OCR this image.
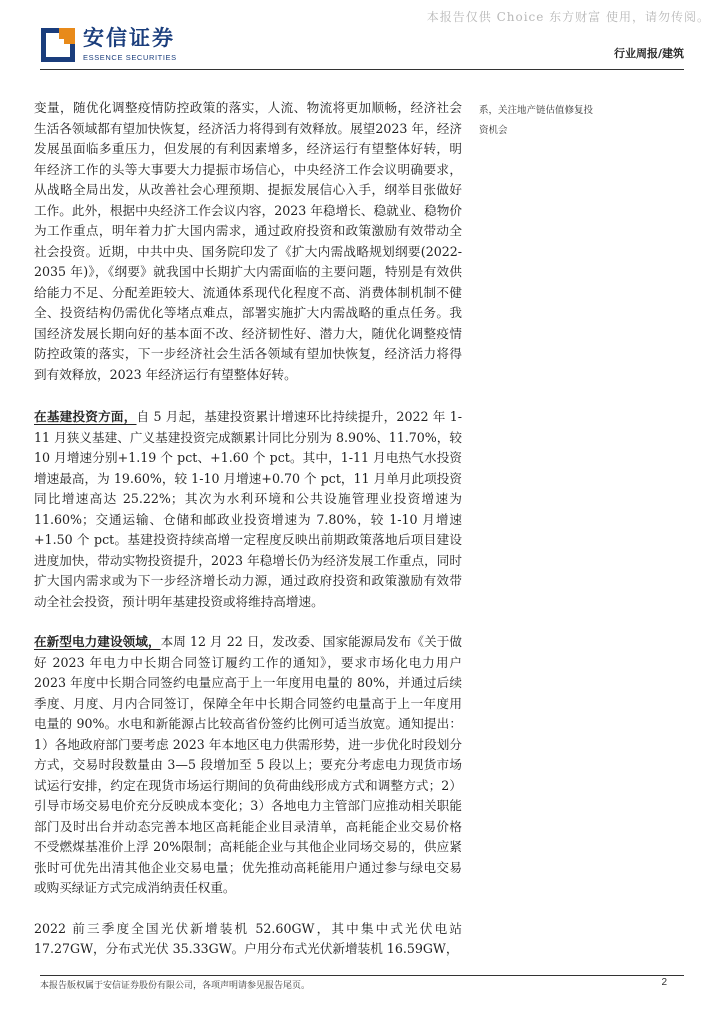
本报告仅供 Choice 东方财富 使用，请勿传阅。
安信证券
ESSENCE SECURITIES	行业周报/建筑
系，关注地产链估值修复投
资机会

变量，随优化调整疫情防控政策的落实，人流、物流将更加顺畅，经济社会生活各领域都有望加快恢复，经济活力将得到有效释放。展望2023 年，经济发展虽面临多重压力，但发展的有利因素增多，经济运行有望整体好转，明年经济工作的头等大事要大力提振市场信心，中央经济工作会议明确要求，从战略全局出发，从改善社会心理预期、提振发展信心入手，纲举目张做好工作。此外，根据中央经济工作会议内容，2023 年稳增长、稳就业、稳物价为工作重点，明年着力扩大国内需求，通过政府投资和政策激励有效带动全社会投资。近期，中共中央、国务院印发了《扩大内需战略规划纲要(2022-2035 年)》，《纲要》就我国中长期扩大内需面临的主要问题，特别是有效供给能力不足、分配差距较大、流通体系现代化程度不高、消费体制机制不健全、投资结构仍需优化等堵点难点，部署实施扩大内需战略的重点任务。我国经济发展长期向好的基本面不改、经济韧性好、潜力大，随优化调整疫情防控政策的落实，下一步经济社会生活各领域有望加快恢复，经济活力将得到有效释放，2023 年经济运行有望整体好转。

在基建投资方面，自 5 月起，基建投资累计增速环比持续提升，2022 年 1-11 月狭义基建、广义基建投资完成额累计同比分别为 8.90%、11.70%，较 10 月增速分别+1.19 个 pct、+1.60 个 pct。其中，1-11 月电热气水投资增速最高，为 19.60%，较 1-10 月增速+0.70 个 pct，11 月单月此项投资同比增速高达 25.22%；其次为水利环境和公共设施管理业投资增速为 11.60%；交通运输、仓储和邮政业投资增速为 7.80%，较 1-10 月增速+1.50 个 pct。基建投资持续高增一定程度反映出前期政策落地后项目建设进度加快，带动实物投资提升，2023 年稳增长仍为经济发展工作重点，同时扩大国内需求或为下一步经济增长动力源，通过政府投资和政策激励有效带动全社会投资，预计明年基建投资或将维持高增速。

在新型电力建设领域，本周 12 月 22 日，发改委、国家能源局发布《关于做好 2023 年电力中长期合同签订履约工作的通知》，要求市场化电力用户 2023 年度中长期合同签约电量应高于上一年度用电量的 80%，并通过后续季度、月度、月内合同签订，保障全年中长期合同签约电量高于上一年度用电量的 90%。水电和新能源占比较高省份签约比例可适当放宽。通知提出：1）各地政府部门要考虑 2023 年本地区电力供需形势，进一步优化时段划分方式，交易时段数量由 3—5 段增加至 5 段以上；要充分考虑电力现货市场试运行安排，约定在现货市场运行期间的负荷曲线形成方式和调整方式；2）引导市场交易电价充分反映成本变化；3）各地电力主管部门应推动相关职能部门及时出台并动态完善本地区高耗能企业目录清单，高耗能企业交易价格不受燃煤基准价上浮 20%限制；高耗能企业与其他企业同场交易的，供应紧张时可优先出清其他企业交易电量；优先推动高耗能用户通过参与绿电交易或购买绿证方式完成消纳责任权重。

2022 前三季度全国光伏新增装机 52.60GW，其中集中式光伏电站 17.27GW，分布式光伏 35.33GW。户用分布式光伏新增装机 16.59GW，

本报告版权属于安信证券股份有限公司，各项声明请参见报告尾页。	2
